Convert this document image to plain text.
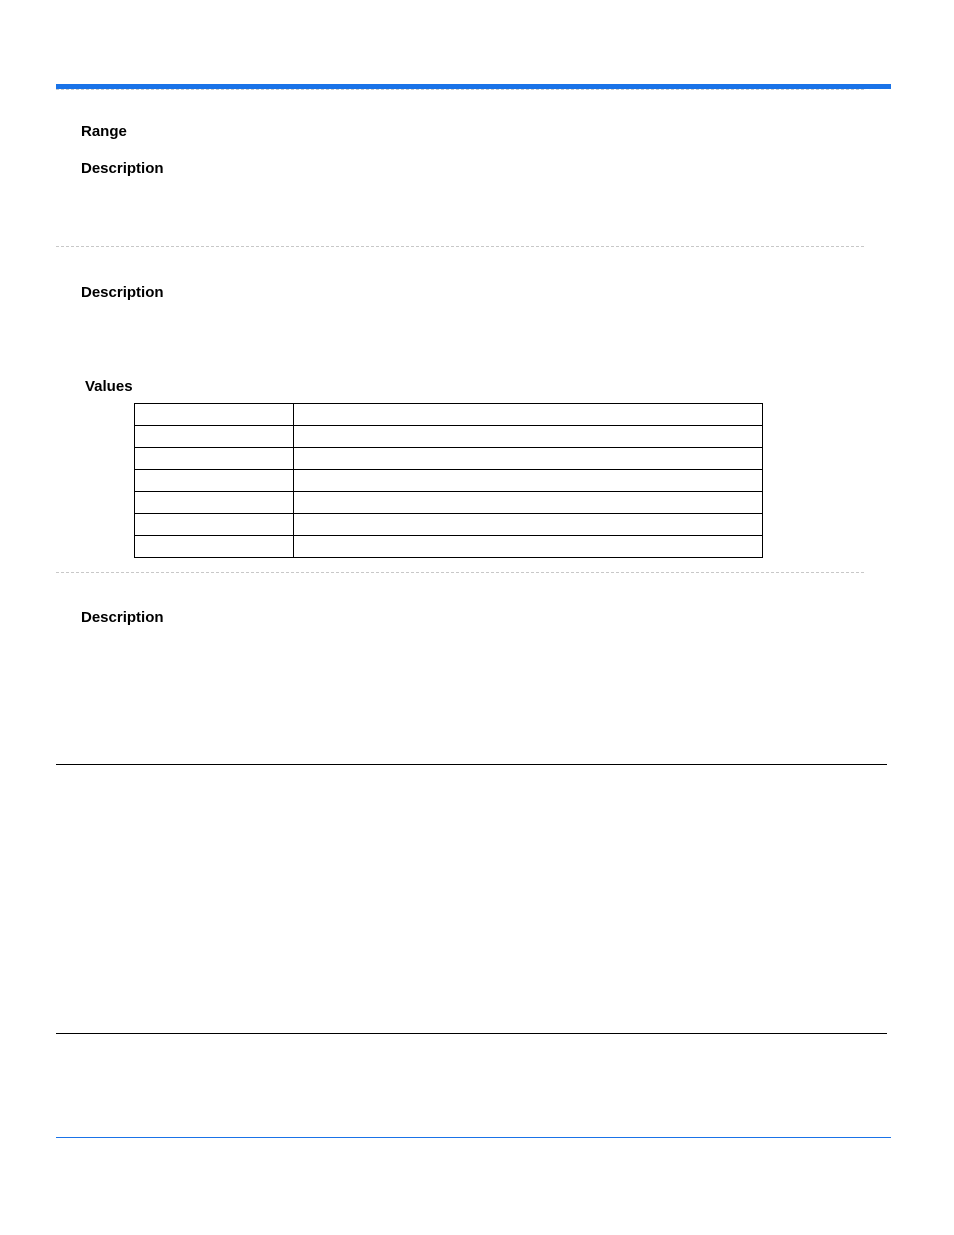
Range
Description
Description
Values

Description
